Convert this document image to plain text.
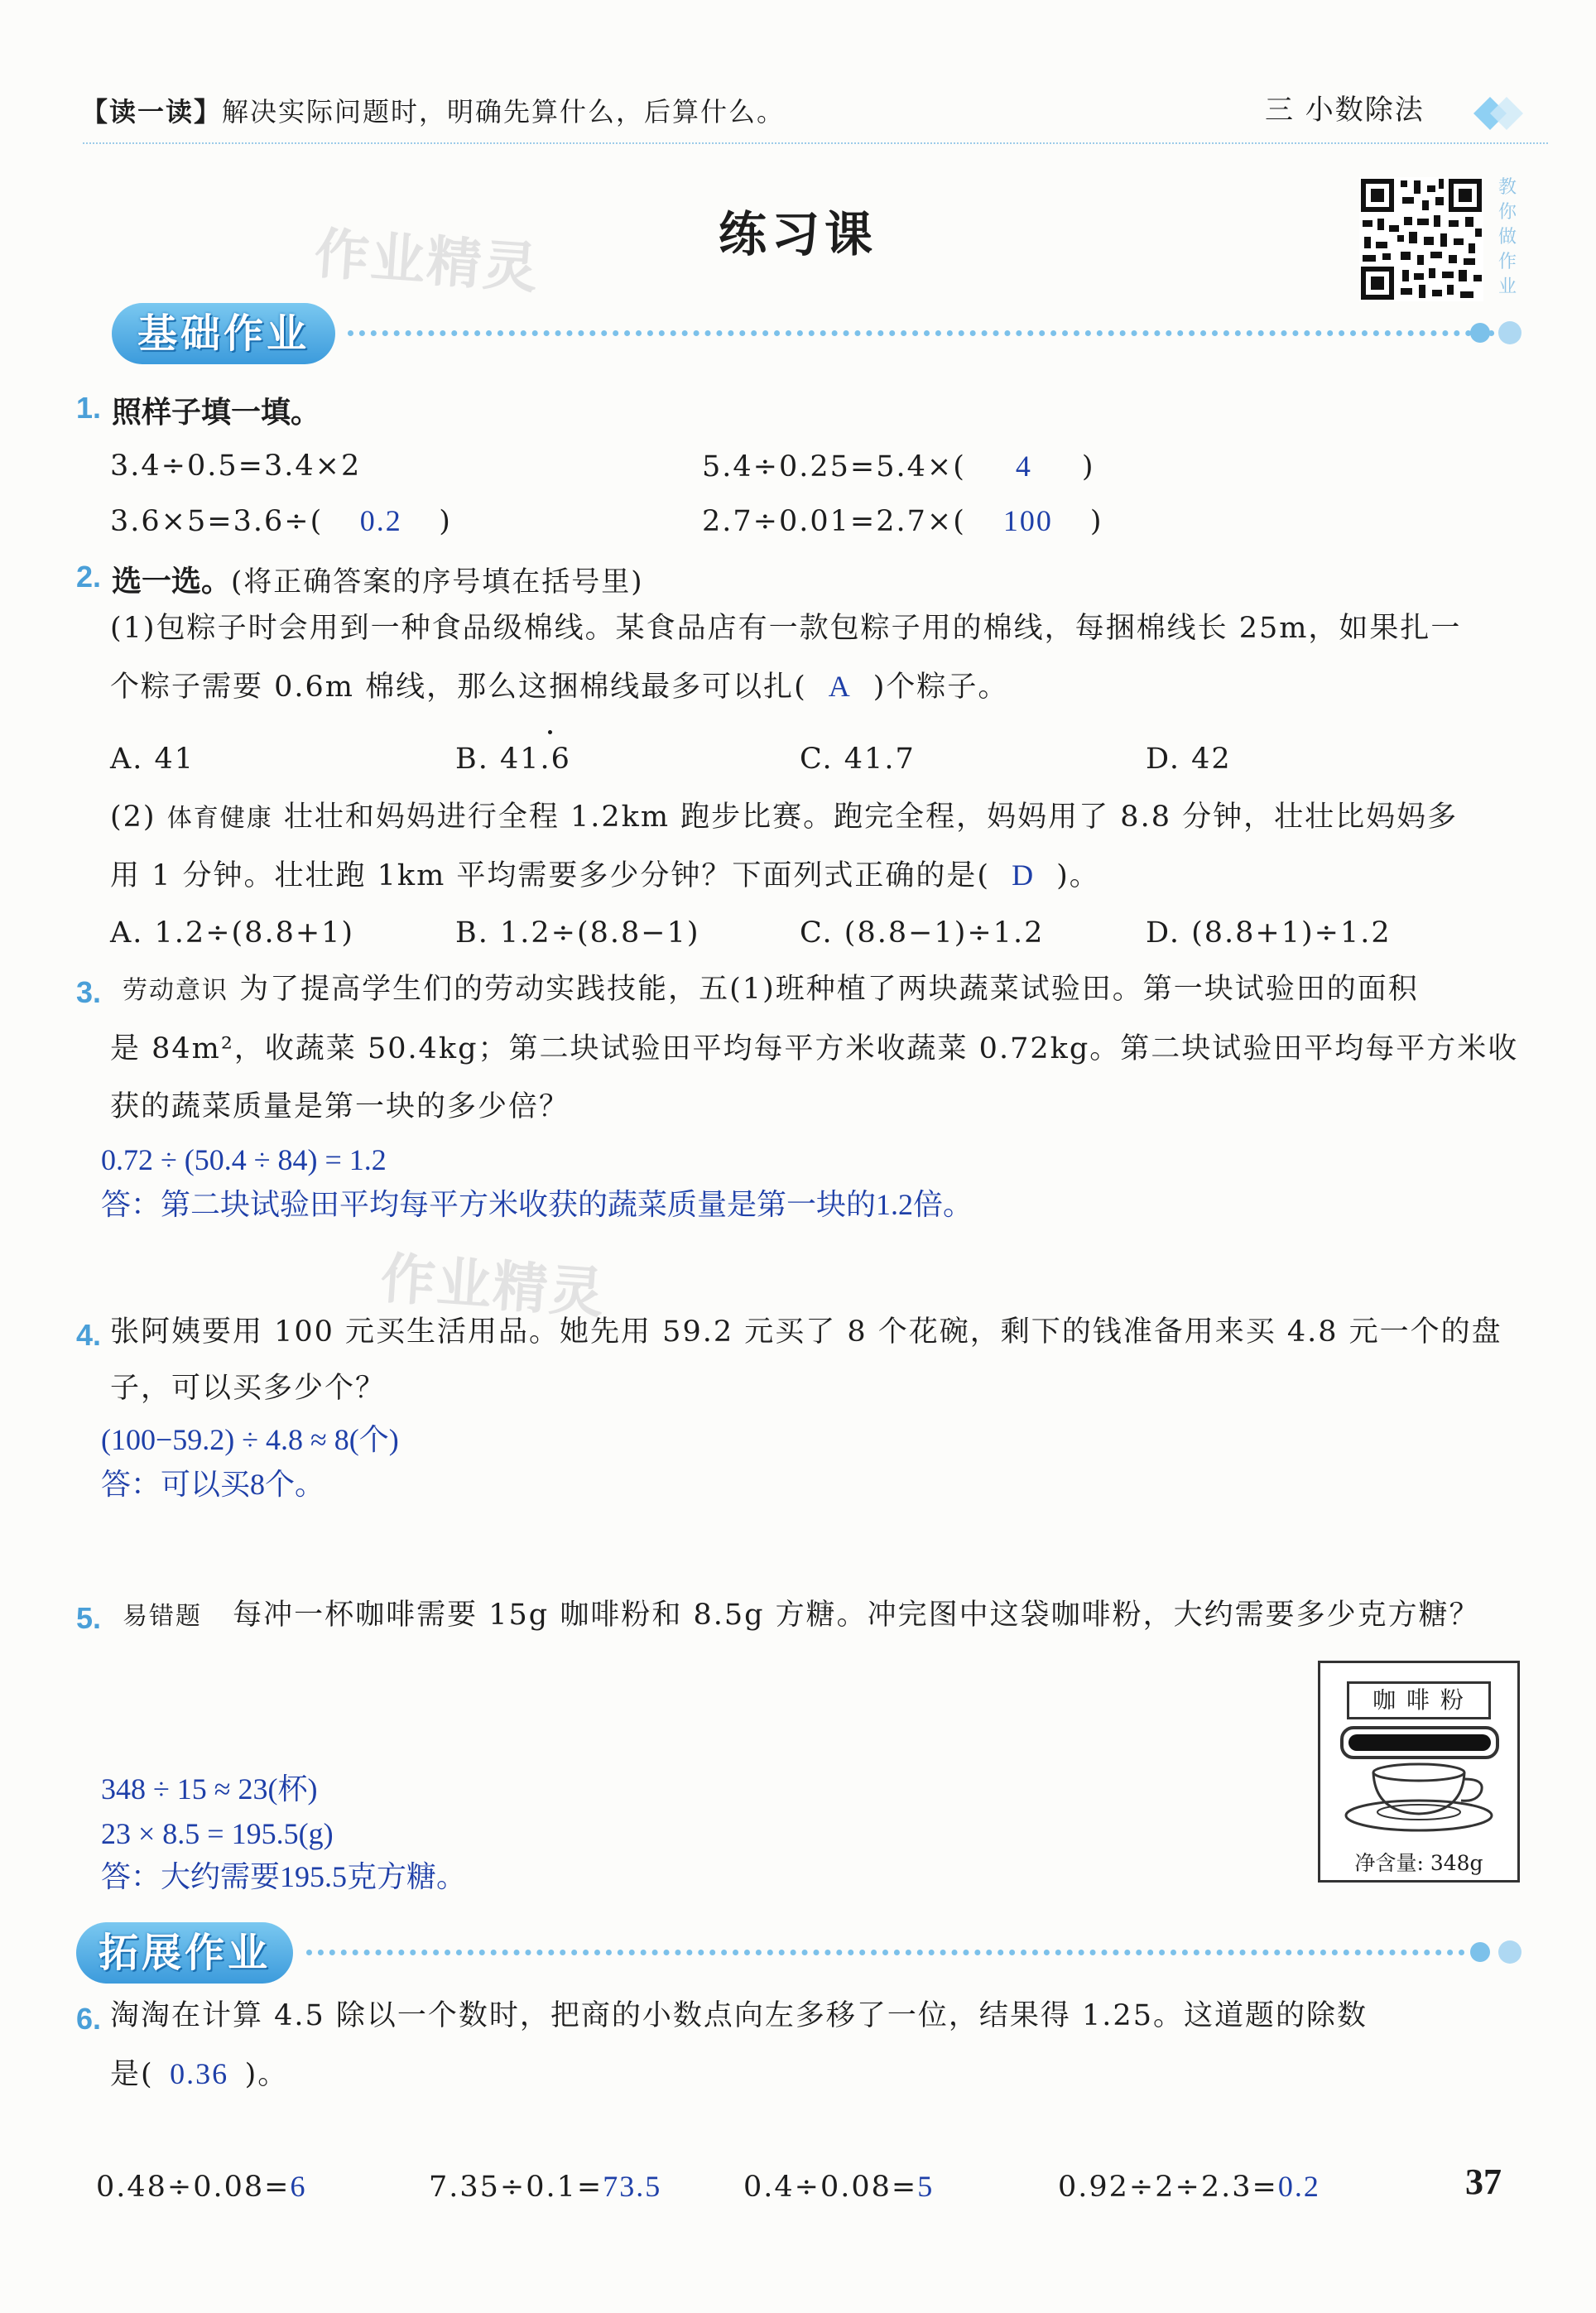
【读一读】解决实际问题时，明确先算什么，后算什么。	三 小数除法
作业精灵	练习课
教
你
做
作
业
基础作业
1. 照样子填一填。
3.4÷0.5=3.4×2	5.4÷0.25=5.4×( 4 )
3.6×5=3.6÷( 0.2 )	2.7÷0.01=2.7×( 100 )
2. 选一选。(将正确答案的序号填在括号里)
(1)包粽子时会用到一种食品级棉线。某食品店有一款包粽子用的棉线，每捆棉线长 25m，如果扎一
个粽子需要 0.6m 棉线，那么这捆棉线最多可以扎( A )个粽子。
A. 41	B. 41.6	C. 41.7	D. 42
(2) 体育健康 壮壮和妈妈进行全程 1.2km 跑步比赛。跑完全程，妈妈用了 8.8 分钟，壮壮比妈妈多
用 1 分钟。壮壮跑 1km 平均需要多少分钟？下面列式正确的是( D )。
A. 1.2÷(8.8+1)	B. 1.2÷(8.8−1)	C. (8.8−1)÷1.2	D. (8.8+1)÷1.2
3. 劳动意识 为了提高学生们的劳动实践技能，五(1)班种植了两块蔬菜试验田。第一块试验田的面积
是 84m²，收蔬菜 50.4kg；第二块试验田平均每平方米收蔬菜 0.72kg。第二块试验田平均每平方米收
获的蔬菜质量是第一块的多少倍？
0.72 ÷ (50.4 ÷ 84) = 1.2
答：第二块试验田平均每平方米收获的蔬菜质量是第一块的1.2倍。
作业精灵
4. 张阿姨要用 100 元买生活用品。她先用 59.2 元买了 8 个花碗，剩下的钱准备用来买 4.8 元一个的盘
子，可以买多少个？
(100−59.2) ÷ 4.8 ≈ 8(个)
答：可以买8个。
5. 易错题 每冲一杯咖啡需要 15g 咖啡粉和 8.5g 方糖。冲完图中这袋咖啡粉，大约需要多少克方糖？
348 ÷ 15 ≈ 23(杯)
23 × 8.5 = 195.5(g)
答：大约需要195.5克方糖。
咖 啡 粉
净含量: 348g
拓展作业
6. 淘淘在计算 4.5 除以一个数时，把商的小数点向左多移了一位，结果得 1.25。这道题的除数
是( 0.36 )。
0.48÷0.08=6	7.35÷0.1=73.5	0.4÷0.08=5	0.92÷2÷2.3=0.2	37
